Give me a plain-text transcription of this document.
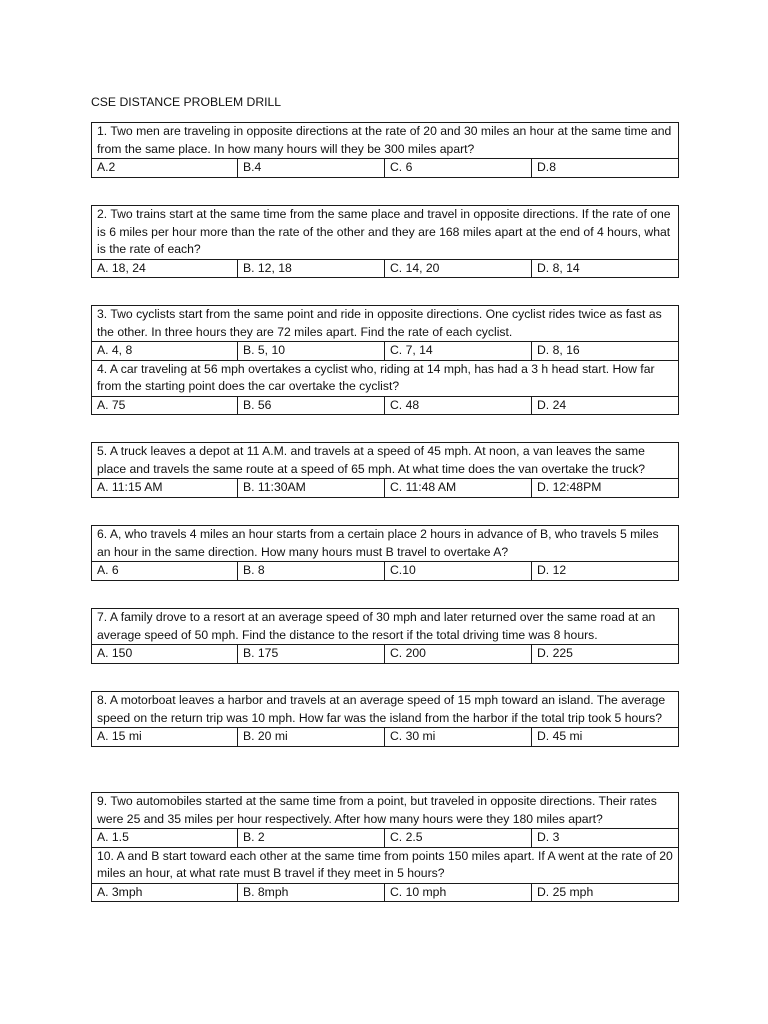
CSE DISTANCE PROBLEM DRILL
1. Two men are traveling in opposite directions at the rate of 20 and 30 miles an hour at the same time and from the same place. In how many hours will they be 300 miles apart?
A.2	B.4	C. 6	D.8
2. Two trains start at the same time from the same place and travel in opposite directions. If the rate of one is 6 miles per hour more than the rate of the other and they are 168 miles apart at the end of 4 hours, what is the rate of each?
A. 18, 24	B. 12, 18	C. 14, 20	D. 8, 14
3. Two cyclists start from the same point and ride in opposite directions. One cyclist rides twice as fast as the other. In three hours they are 72 miles apart. Find the rate of each cyclist.			
A. 4, 8	B. 5, 10	C. 7, 14	D. 8, 16
4. A car traveling at 56 mph overtakes a cyclist who, riding at 14 mph, has had a 3 h head start. How far from the starting point does the car overtake the cyclist?			
A. 75	B. 56	C. 48	D. 24
5. A truck leaves a depot at 11 A.M. and travels at a speed of 45 mph. At noon, a van leaves the same place and travels the same route at a speed of 65 mph. At what time does the van overtake the truck?
A. 11:15 AM	B. 11:30AM	C. 11:48 AM	D. 12:48PM
6. A, who travels 4 miles an hour starts from a certain place 2 hours in advance of B, who travels 5 miles an hour in the same direction. How many hours must B travel to overtake A?
A. 6	B. 8	C.10	D. 12
7. A family drove to a resort at an average speed of 30 mph and later returned over the same road at an average speed of 50 mph. Find the distance to the resort if the total driving time was 8 hours.
A. 150	B. 175	C. 200	D. 225
8. A motorboat leaves a harbor and travels at an average speed of 15 mph toward an island. The average speed on the return trip was 10 mph. How far was the island from the harbor if the total trip took 5 hours?
A. 15 mi	B. 20 mi	C. 30 mi	D. 45 mi
9. Two automobiles started at the same time from a point, but traveled in opposite directions. Their rates were 25 and 35 miles per hour respectively. After how many hours were they 180 miles apart?			
A. 1.5	B. 2	C. 2.5	D. 3
10. A and B start toward each other at the same time from points 150 miles apart. If A went at the rate of 20 miles an hour, at what rate must B travel if they meet in 5 hours?			
A. 3mph	B. 8mph	C. 10 mph	D. 25 mph
